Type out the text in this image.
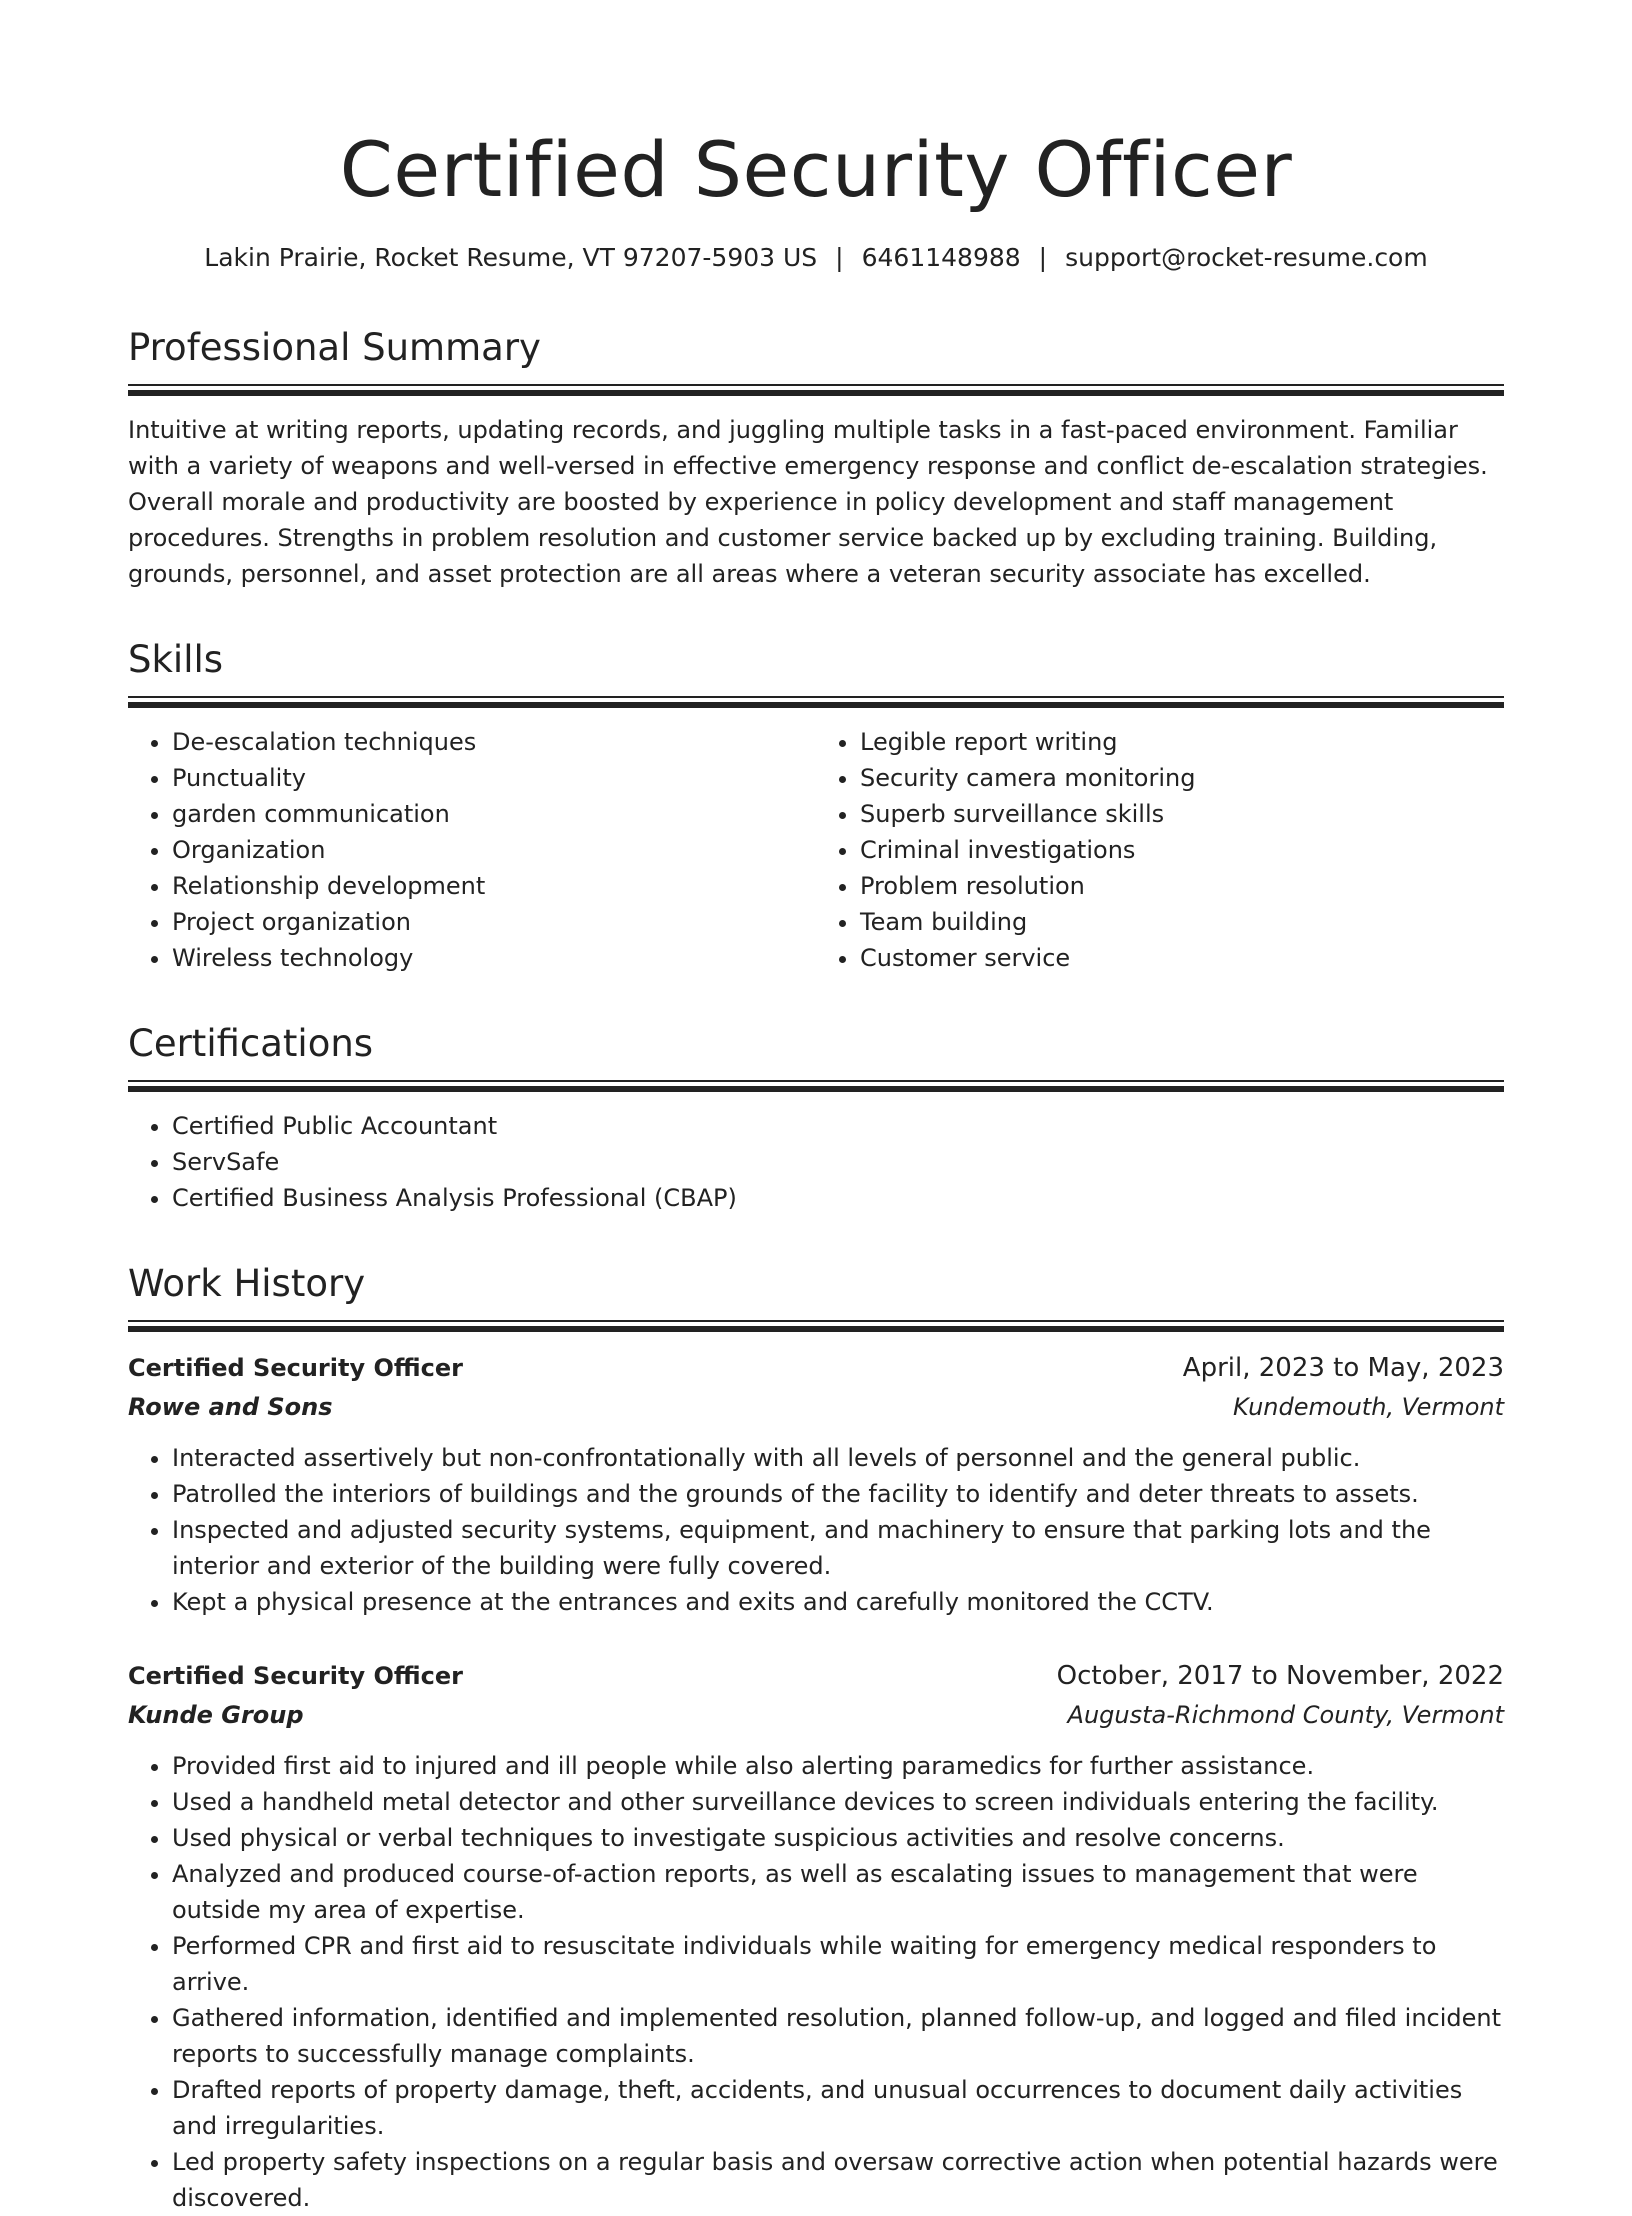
Certified Security Officer
Lakin Prairie, Rocket Resume, VT 97207-5903 US | 6461148988 | support@rocket-resume.com
Professional Summary

Intuitive at writing reports, updating records, and juggling multiple tasks in a fast-paced environment. Familiar with a variety of weapons and well-versed in effective emergency response and conflict de-escalation strategies. Overall morale and productivity are boosted by experience in policy development and staff management procedures. Strengths in problem resolution and customer service backed up by excluding training. Building, grounds, personnel, and asset protection are all areas where a veteran security associate has excelled.

Skills
• De-escalation techniques
• Punctuality
• garden communication
• Organization
• Relationship development
• Project organization
• Wireless technology
• Legible report writing
• Security camera monitoring
• Superb surveillance skills
• Criminal investigations
• Problem resolution
• Team building
• Customer service
Certifications
• Certified Public Accountant
• ServSafe
• Certified Business Analysis Professional (CBAP)
Work History
Certified Security Officer	April, 2023 to May, 2023
Rowe and Sons	Kundemouth, Vermont
• Interacted assertively but non-confrontationally with all levels of personnel and the general public.
• Patrolled the interiors of buildings and the grounds of the facility to identify and deter threats to assets.
• Inspected and adjusted security systems, equipment, and machinery to ensure that parking lots and the interior and exterior of the building were fully covered.
• Kept a physical presence at the entrances and exits and carefully monitored the CCTV.
Certified Security Officer	October, 2017 to November, 2022
Kunde Group	Augusta-Richmond County, Vermont
• Provided first aid to injured and ill people while also alerting paramedics for further assistance.
• Used a handheld metal detector and other surveillance devices to screen individuals entering the facility.
• Used physical or verbal techniques to investigate suspicious activities and resolve concerns.
• Analyzed and produced course-of-action reports, as well as escalating issues to management that were outside my area of expertise.
• Performed CPR and first aid to resuscitate individuals while waiting for emergency medical responders to arrive.
• Gathered information, identified and implemented resolution, planned follow-up, and logged and filed incident reports to successfully manage complaints.
• Drafted reports of property damage, theft, accidents, and unusual occurrences to document daily activities and irregularities.
• Led property safety inspections on a regular basis and oversaw corrective action when potential hazards were discovered.
